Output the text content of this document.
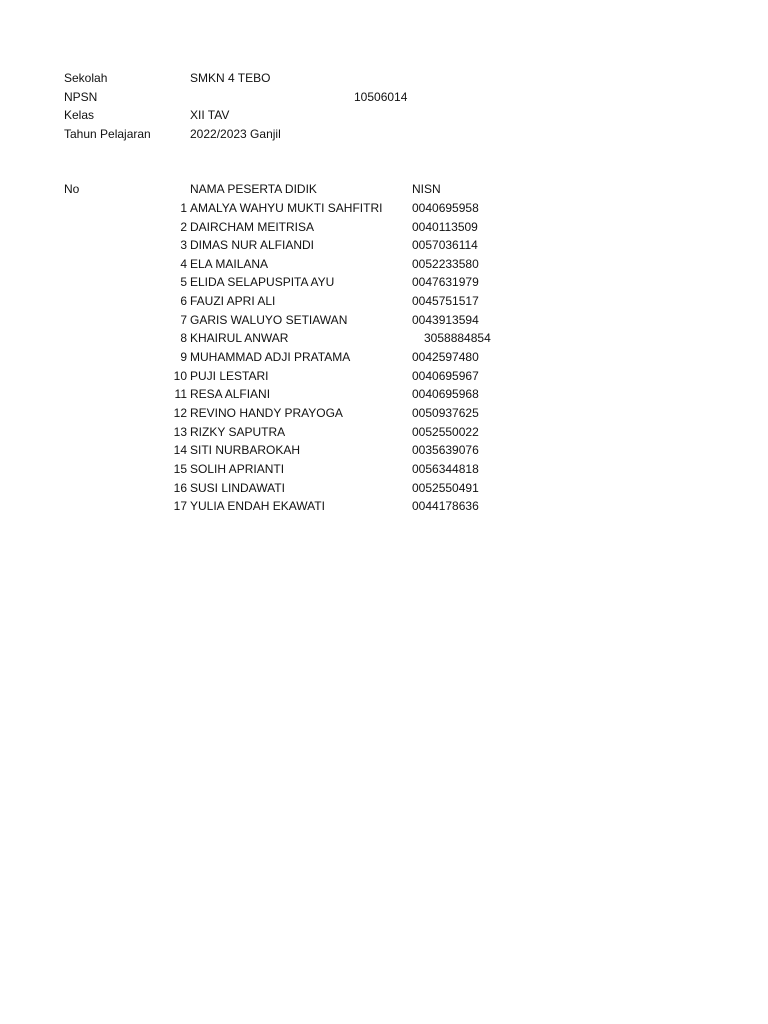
Sekolah	SMKN 4 TEBO
NPSN	10506014
Kelas	XII TAV
Tahun Pelajaran	2022/2023 Ganjil
No	NAMA PESERTA DIDIK	NISN
1 AMALYA WAHYU MUKTI SAHFITRI 0040695958
2 DAIRCHAM MEITRISA	0040113509
3 DIMAS NUR ALFIANDI	0057036114
4 ELA MAILANA	0052233580
5 ELIDA SELAPUSPITA AYU	0047631979
6 FAUZI APRI ALI	0045751517
7 GARIS WALUYO SETIAWAN	0043913594
8 KHAIRUL ANWAR	3058884854
9 MUHAMMAD ADJI PRATAMA	0042597480
10 PUJI LESTARI	0040695967
11 RESA ALFIANI	0040695968
12 REVINO HANDY PRAYOGA	0050937625
13 RIZKY SAPUTRA	0052550022
14 SITI NURBAROKAH	0035639076
15 SOLIH APRIANTI	0056344818
16 SUSI LINDAWATI	0052550491
17 YULIA ENDAH EKAWATI	0044178636
